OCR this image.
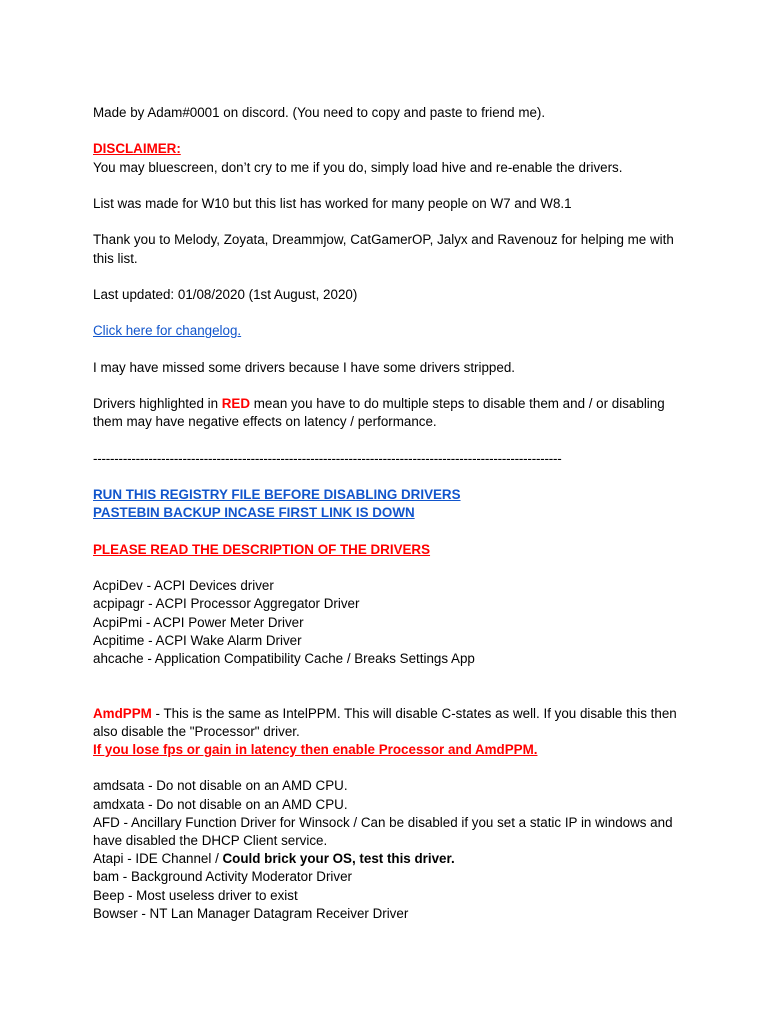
Made by Adam#0001 on discord. (You need to copy and paste to friend me).

DISCLAIMER:

You may bluescreen, don’t cry to me if you do, simply load hive and re-enable the drivers.

List was made for W10 but this list has worked for many people on W7 and W8.1

Thank you to Melody, Zoyata, Dreammjow, CatGamerOP, Jalyx and Ravenouz for helping me with this list.

Last updated: 01/08/2020 (1st August, 2020)

Click here for changelog.

I may have missed some drivers because I have some drivers stripped.

Drivers highlighted in RED mean you have to do multiple steps to disable them and / or disabling them may have negative effects on latency / performance.

--------------------------------------------------------------------------------------------------------------

RUN THIS REGISTRY FILE BEFORE DISABLING DRIVERS

PASTEBIN BACKUP INCASE FIRST LINK IS DOWN

PLEASE READ THE DESCRIPTION OF THE DRIVERS

AcpiDev - ACPI Devices driver

acpipagr - ACPI Processor Aggregator Driver

AcpiPmi - ACPI Power Meter Driver

Acpitime - ACPI Wake Alarm Driver

ahcache - Application Compatibility Cache / Breaks Settings App

AmdPPM - This is the same as IntelPPM. This will disable C-states as well. If you disable this then also disable the "Processor" driver.

If you lose fps or gain in latency then enable Processor and AmdPPM.

amdsata - Do not disable on an AMD CPU.

amdxata - Do not disable on an AMD CPU.

AFD - Ancillary Function Driver for Winsock / Can be disabled if you set a static IP in windows and have disabled the DHCP Client service.

Atapi - IDE Channel / Could brick your OS, test this driver.

bam - Background Activity Moderator Driver

Beep - Most useless driver to exist

Bowser - NT Lan Manager Datagram Receiver Driver
